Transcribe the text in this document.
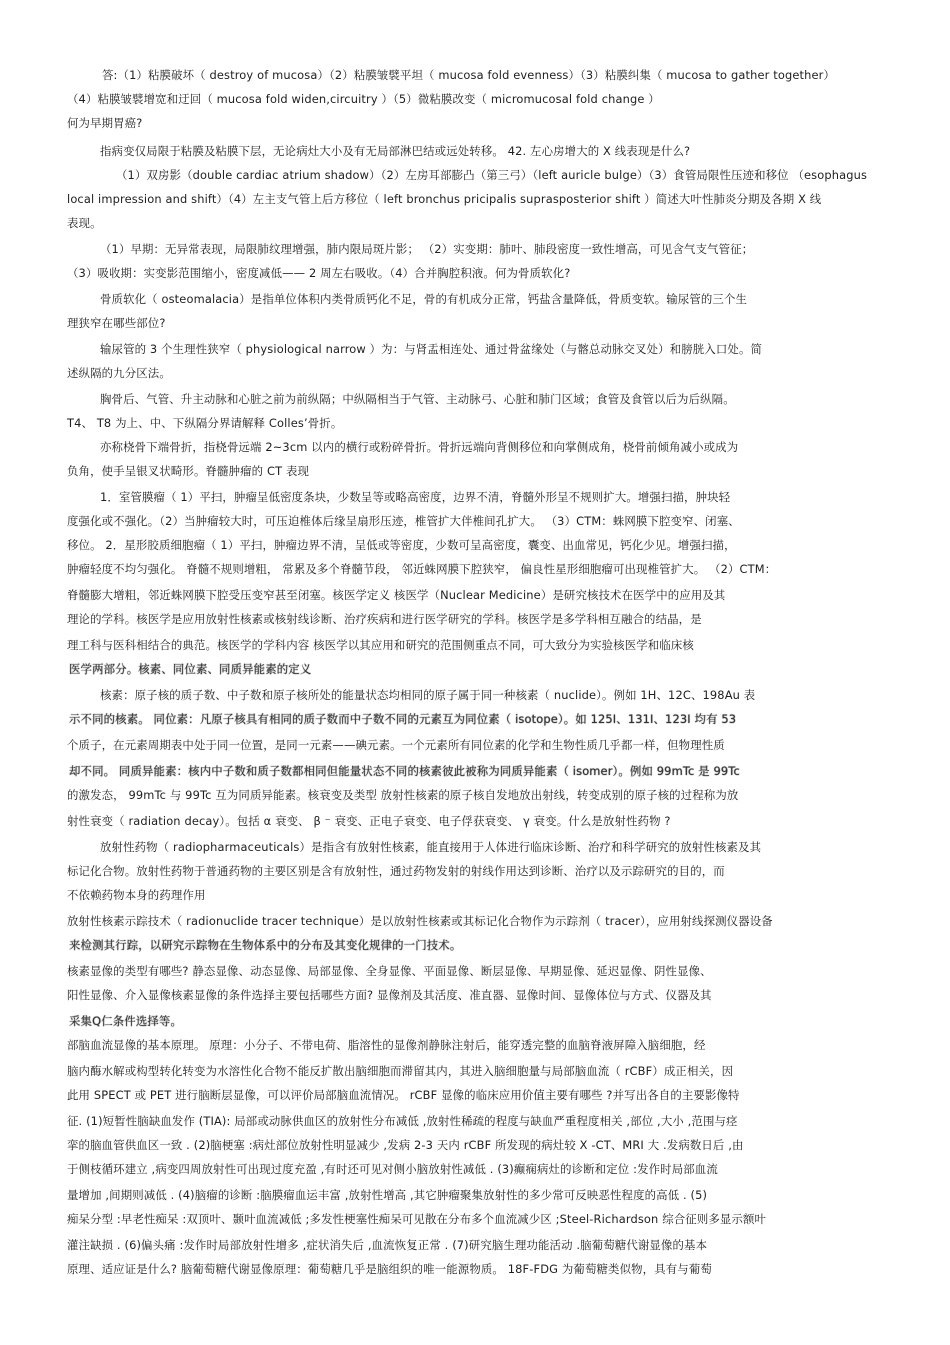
答:（1）粘膜破坏（ destroy of mucosa）（2）粘膜皱襞平坦（ mucosa fold evenness）（3）粘膜纠集（ mucosa to gather together）
（4）粘膜皱襞增宽和迂回（ mucosa fold widen,circuitry ）（5）微粘膜改变（ micromucosal fold change ）
何为早期胃癌?
指病变仅局限于粘膜及粘膜下层，无论病灶大小及有无局部淋巴结或远处转移。 42. 左心房增大的 X 线表现是什么?
（1）双房影（double cardiac atrium shadow）（2）左房耳部膨凸（第三弓）（left auricle bulge）（3）食管局限性压迹和移位 （esophagus
local impression and shift）（4）左主支气管上后方移位（ left bronchus pricipalis suprasposterior shift ）简述大叶性肺炎分期及各期 X 线
表现。
（1）早期：无异常表现，局限肺纹理增强，肺内限局斑片影； （2）实变期：肺叶、肺段密度一致性增高，可见含气支气管征；
（3）吸收期：实变影范围缩小，密度减低—— 2 周左右吸收。（4）合并胸腔积液。何为骨质软化?
骨质软化（ osteomalacia）是指单位体积内类骨质钙化不足，骨的有机成分正常，钙盐含量降低，骨质变软。输尿管的三个生
理狭窄在哪些部位?
输尿管的 3 个生理性狭窄（ physiological narrow ）为：与肾盂相连处、通过骨盆缘处（与髂总动脉交叉处）和膀胱入口处。简
述纵隔的九分区法。
胸骨后、气管、升主动脉和心脏之前为前纵隔；中纵隔相当于气管、主动脉弓、心脏和肺门区域；食管及食管以后为后纵隔。
T4、 T8 为上、中、下纵隔分界请解释 Colles’骨折。
亦称桡骨下端骨折，指桡骨远端 2~3cm 以内的横行或粉碎骨折。骨折远端向背侧移位和向掌侧成角，桡骨前倾角减小或成为
负角，使手呈银叉状畸形。脊髓肿瘤的 CT 表现
1．室管膜瘤（ 1）平扫，肿瘤呈低密度条块，少数呈等或略高密度，边界不清，脊髓外形呈不规则扩大。增强扫描，肿块轻
度强化或不强化。（2）当肿瘤较大时，可压迫椎体后缘呈扇形压迹，椎管扩大伴椎间孔扩大。 （3）CTM：蛛网膜下腔变窄、闭塞、
移位。 2．星形胶质细胞瘤（ 1）平扫，肿瘤边界不清，呈低或等密度，少数可呈高密度，囊变、出血常见，钙化少见。增强扫描，
肿瘤轻度不均匀强化。 脊髓不规则增粗， 常累及多个脊髓节段， 邻近蛛网膜下腔狭窄， 偏良性星形细胞瘤可出现椎管扩大。 （2）CTM：
脊髓膨大增粗，邻近蛛网膜下腔受压变窄甚至闭塞。核医学定义 核医学（Nuclear Medicine）是研究核技术在医学中的应用及其
理论的学科。核医学是应用放射性核素或核射线诊断、治疗疾病和进行医学研究的学科。核医学是多学科相互融合的结晶，是
理工科与医科相结合的典范。核医学的学科内容 核医学以其应用和研究的范围侧重点不同，可大致分为实验核医学和临床核
医学两部分。核素、同位素、同质异能素的定义
核素：原子核的质子数、中子数和原子核所处的能量状态均相同的原子属于同一种核素（ nuclide）。例如 1H、12C、198Au 表
示不同的核素。 同位素：凡原子核具有相同的质子数而中子数不同的元素互为同位素（ isotope）。如 125I、131I、123I 均有 53
个质子，在元素周期表中处于同一位置，是同一元素——碘元素。一个元素所有同位素的化学和生物性质几乎都一样，但物理性质
却不同。 同质异能素：核内中子数和质子数都相同但能量状态不同的核素彼此被称为同质异能素（ isomer）。例如 99mTc 是 99Tc
的激发态， 99mTc 与 99Tc 互为同质异能素。核衰变及类型 放射性核素的原子核自发地放出射线，转变成别的原子核的过程称为放
射性衰变（ radiation decay）。包括 α 衰变、 β ⁻ 衰变、正电子衰变、电子俘获衰变、 γ 衰变。什么是放射性药物 ?
放射性药物（ radiopharmaceuticals）是指含有放射性核素，能直接用于人体进行临床诊断、治疗和科学研究的放射性核素及其
标记化合物。放射性药物于普通药物的主要区别是含有放射性，通过药物发射的射线作用达到诊断、治疗以及示踪研究的目的，而
不依赖药物本身的药理作用
放射性核素示踪技术（ radionuclide tracer technique）是以放射性核素或其标记化合物作为示踪剂（ tracer），应用射线探测仪器设备
来检测其行踪，以研究示踪物在生物体系中的分布及其变化规律的一门技术。
核素显像的类型有哪些? 静态显像、动态显像、局部显像、全身显像、平面显像、断层显像、早期显像、延迟显像、阴性显像、
阳性显像、介入显像核素显像的条件选择主要包括哪些方面? 显像剂及其活度、准直器、显像时间、显像体位与方式、仪器及其
采集Q仁条件选择等。
部脑血流显像的基本原理。 原理：小分子、不带电荷、脂溶性的显像剂静脉注射后，能穿透完整的血脑脊液屏障入脑细胞，经
脑内酶水解或构型转化转变为水溶性化合物不能反扩散出脑细胞而滞留其内，其进入脑细胞量与局部脑血流（ rCBF）成正相关，因
此用 SPECT 或 PET 进行脑断层显像，可以评价局部脑血流情况。 rCBF 显像的临床应用价值主要有哪些 ?并写出各自的主要影像特
征. (1)短暂性脑缺血发作 (TIA): 局部或动脉供血区的放射性分布减低 ,放射性稀疏的程度与缺血严重程度相关 ,部位 ,大小 ,范围与痉
挛的脑血管供血区一致 . (2)脑梗塞 :病灶部位放射性明显减少 ,发病 2-3 天内 rCBF 所发现的病灶较 X -CT、MRI 大 .发病数日后 ,由
于侧枝循环建立 ,病变四周放射性可出现过度充盈 ,有时还可见对侧小脑放射性减低 . (3)癫痫病灶的诊断和定位 :发作时局部血流
量增加 ,间期则减低 . (4)脑瘤的诊断 :脑膜瘤血运丰富 ,放射性增高 ,其它肿瘤聚集放射性的多少常可反映恶性程度的高低 . (5)
痴呆分型 :早老性痴呆 :双顶叶、颞叶血流减低 ;多发性梗塞性痴呆可见散在分布多个血流减少区 ;Steel-Richardson 综合征则多显示额叶
灌注缺损 . (6)偏头痛 :发作时局部放射性增多 ,症状消失后 ,血流恢复正常 . (7)研究脑生理功能活动 .脑葡萄糖代谢显像的基本
原理、适应证是什么? 脑葡萄糖代谢显像原理：葡萄糖几乎是脑组织的唯一能源物质。 18F-FDG 为葡萄糖类似物，具有与葡萄
